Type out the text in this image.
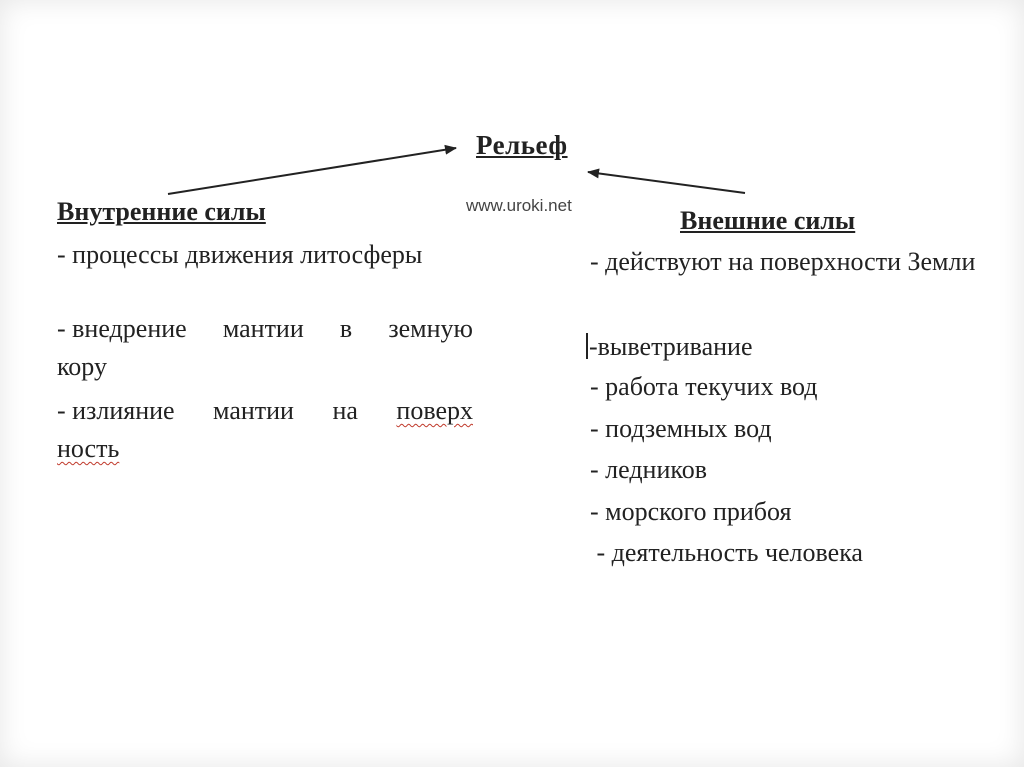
Рельеф
www.uroki.net
Внутренние силы
- процессы движения литосферы
- внедрение мантии в земную
кору
- излияние мантии на поверх
ность
Внешние силы
- действуют на поверхности Земли
-выветривание
- работа текучих вод
- подземных вод
- ледников
- морского прибоя
- деятельность человека
